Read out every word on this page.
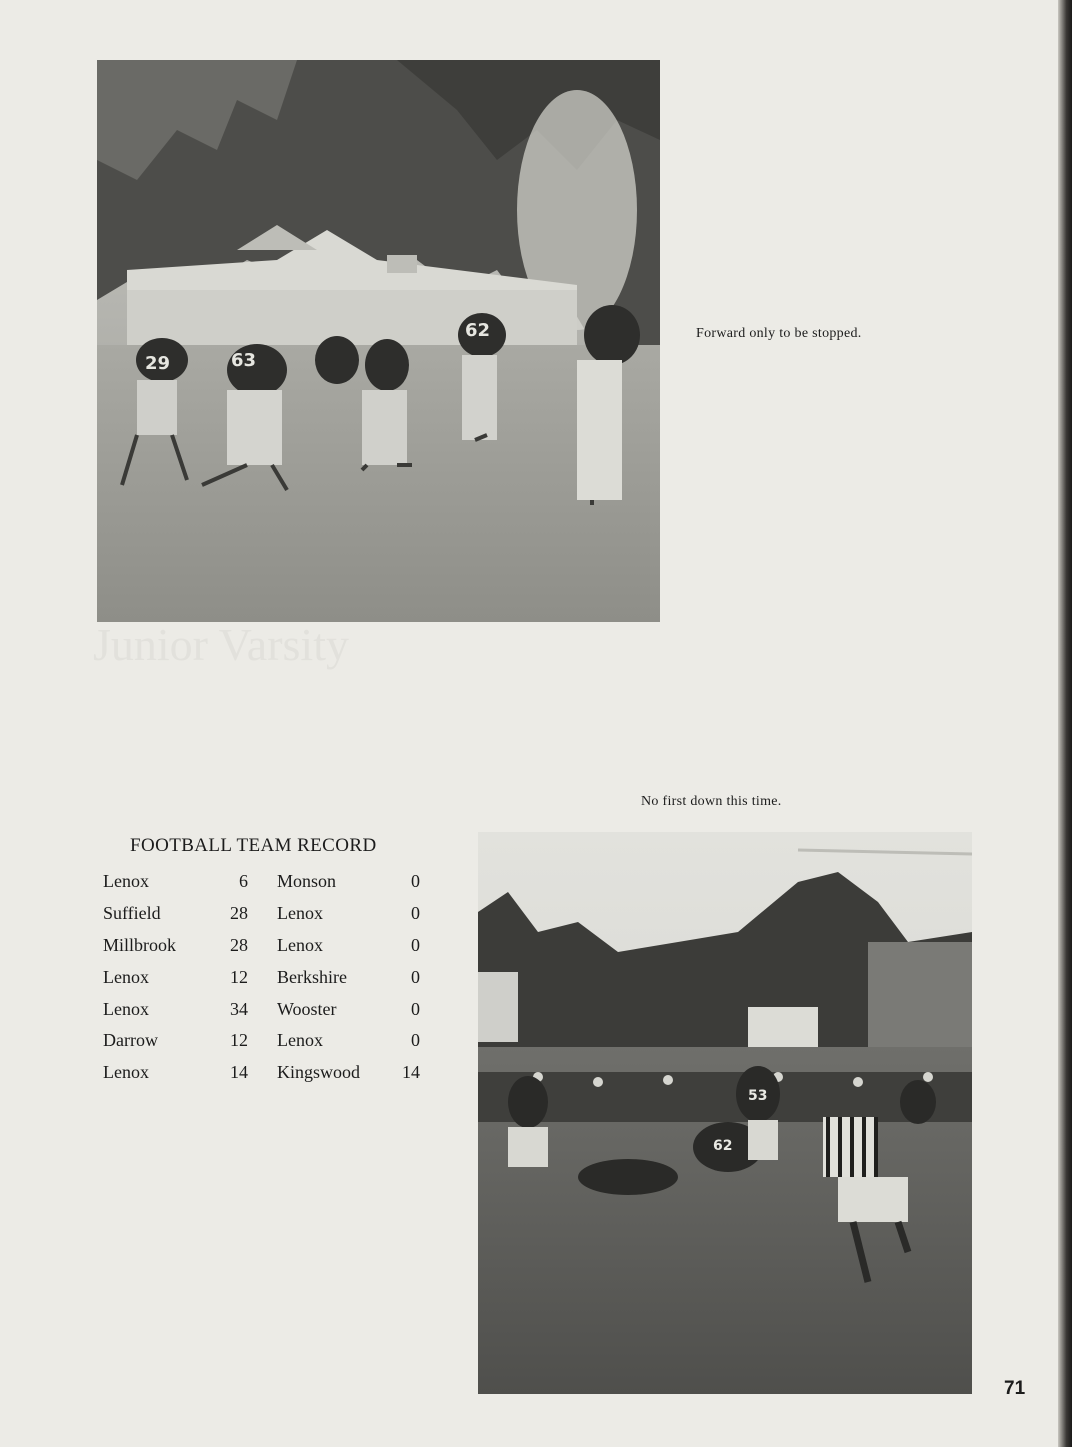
29	63
62	Forward only to be stopped.
Junior Varsity
No first down this time.
53
62
FOOTBALL TEAM RECORD
Lenox	6	Monson	0
Suffield	28	Lenox	0
Millbrook	28	Lenox	0
Lenox	12	Berkshire	0
Lenox	34	Wooster	0
Darrow	12	Lenox	0
Lenox	14	Kingswood	14
71
